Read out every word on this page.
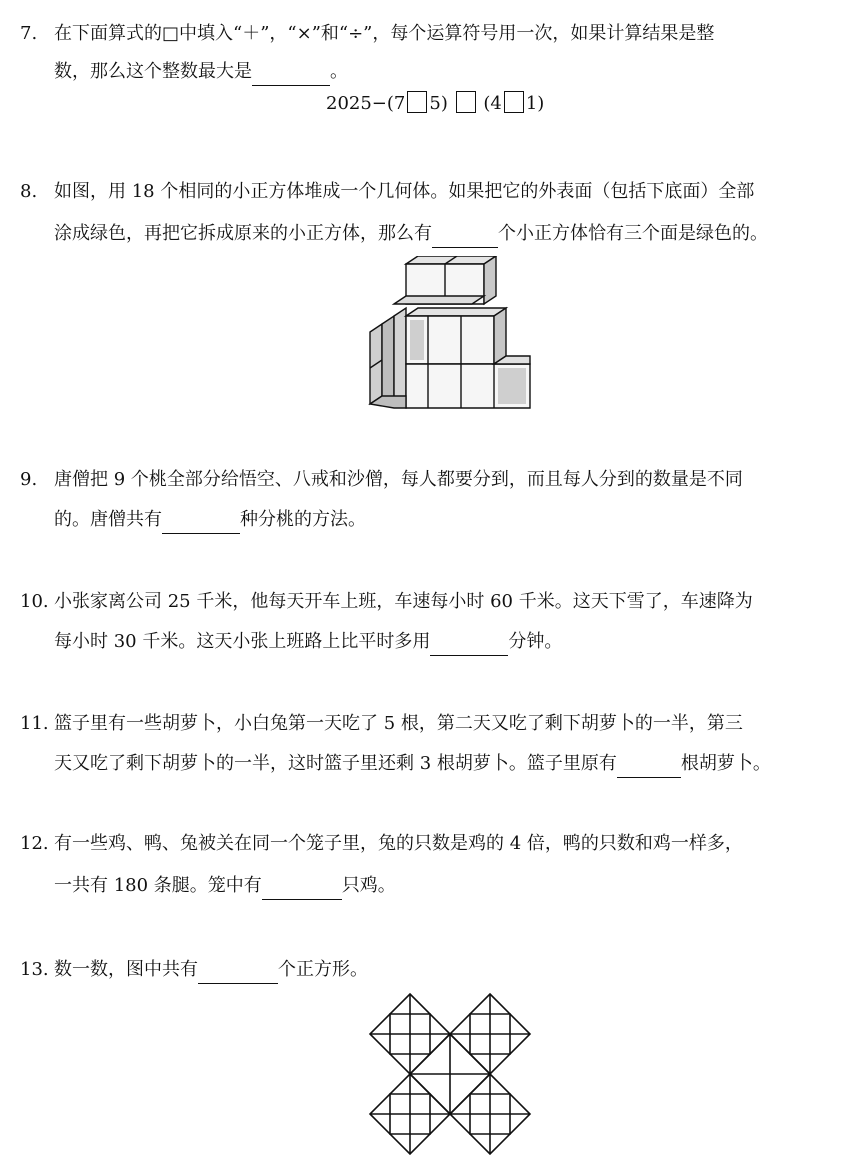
7. 在下面算式的□中填入“＋”，“×”和“÷”，每个运算符号用一次，如果计算结果是整
数，那么这个整数最大是	。
2025−(7 5) (4 1)
8. 如图，用 18 个相同的小正方体堆成一个几何体。如果把它的外表面（包括下底面）全部
涂成绿色，再把它拆成原来的小正方体，那么有	个小正方体恰有三个面是绿色的。
9. 唐僧把 9 个桃全部分给悟空、八戒和沙僧，每人都要分到，而且每人分到的数量是不同
的。唐僧共有	种分桃的方法。
10. 小张家离公司 25 千米，他每天开车上班，车速每小时 60 千米。这天下雪了，车速降为
每小时 30 千米。这天小张上班路上比平时多用	分钟。
11. 篮子里有一些胡萝卜，小白兔第一天吃了 5 根，第二天又吃了剩下胡萝卜的一半，第三
天又吃了剩下胡萝卜的一半，这时篮子里还剩 3 根胡萝卜。篮子里原有	根胡萝卜。
12. 有一些鸡、鸭、兔被关在同一个笼子里，兔的只数是鸡的 4 倍，鸭的只数和鸡一样多，
一共有 180 条腿。笼中有	只鸡。
13. 数一数，图中共有	个正方形。
